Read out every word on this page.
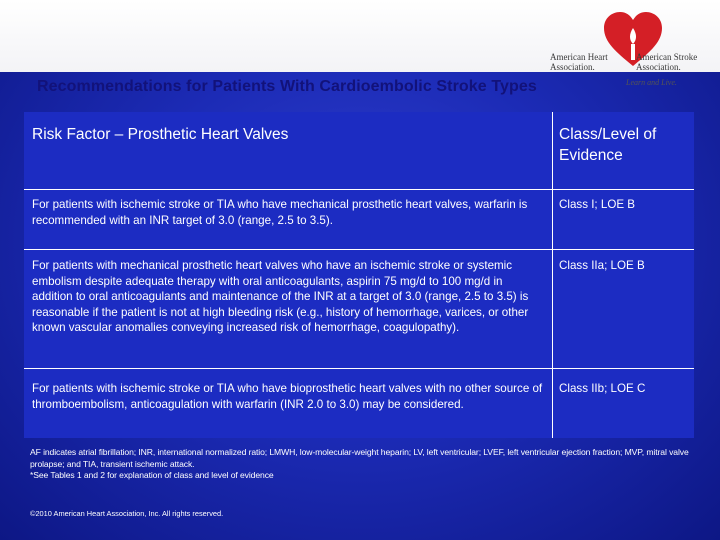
American Heart
Association.
American Stroke
Association.
Learn and Live.
Recommendations for Patients With Cardioembolic Stroke Types
Risk Factor – Prosthetic Heart Valves	Class/Level of
Evidence
For patients with ischemic stroke or TIA who have mechanical prosthetic heart valves, warfarin is recommended with an INR target of 3.0 (range, 2.5 to 3.5).
Class I; LOE B
For patients with mechanical prosthetic heart valves who have an ischemic stroke or systemic embolism despite adequate therapy with oral anticoagulants, aspirin 75 mg/d to 100 mg/d in addition to oral anticoagulants and maintenance of the INR at a target of 3.0 (range, 2.5 to 3.5) is reasonable if the patient is not at high bleeding risk (e.g., history of hemorrhage, varices, or other known vascular anomalies conveying increased risk of hemorrhage, coagulopathy).
Class IIa; LOE B
For patients with ischemic stroke or TIA who have bioprosthetic heart valves with no other source of thromboembolism, anticoagulation with warfarin (INR 2.0 to 3.0) may be considered.
Class IIb; LOE C
AF indicates atrial fibrillation; INR, international normalized ratio; LMWH, low-molecular-weight heparin; LV, left ventricular; LVEF, left ventricular ejection fraction; MVP, mitral valve prolapse; and TIA, transient ischemic attack.
*See Tables 1 and 2 for explanation of class and level of evidence
©2010 American Heart Association, Inc. All rights reserved.
